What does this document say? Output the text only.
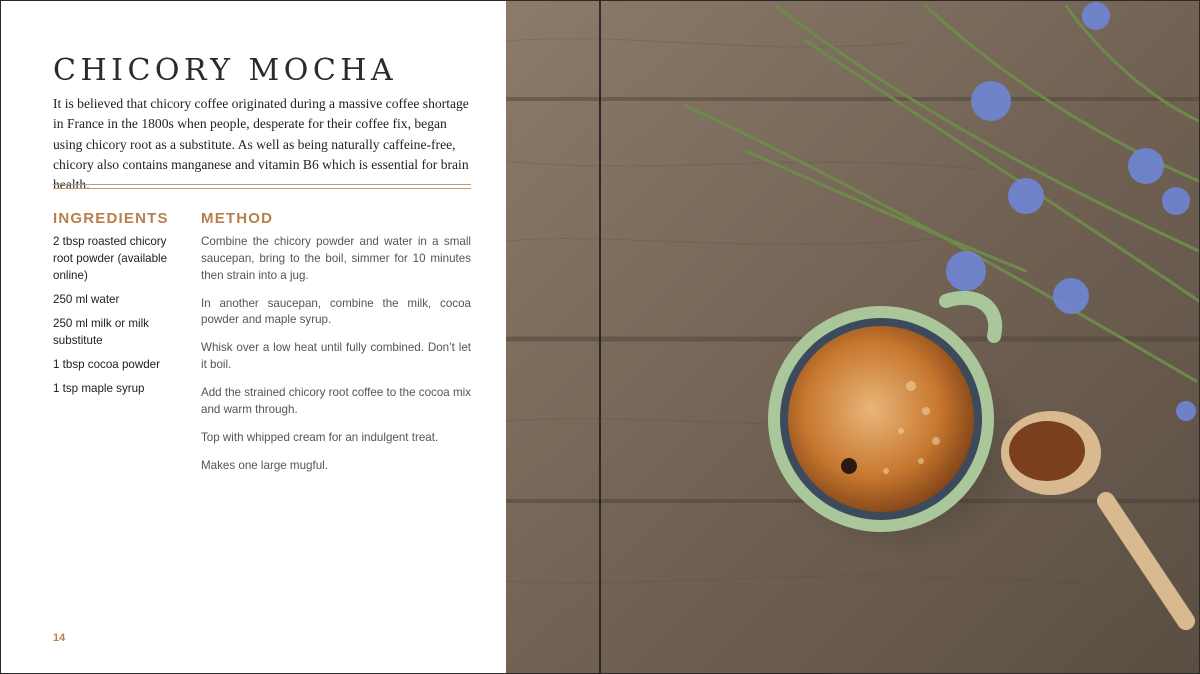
CHICORY MOCHA

It is believed that chicory coffee originated during a massive coffee shortage in France in the 1800s when people, desperate for their coffee fix, began using chicory root as a substitute. As well as being naturally caffeine-free, chicory also contains manganese and vitamin B6 which is essential for brain health.

INGREDIENTS METHOD
2 tbsp roasted chicory root powder (available online)
250 ml water
250 ml milk or milk substitute
1 tbsp cocoa powder
1 tsp maple syrup

Combine the chicory powder and water in a small saucepan, bring to the boil, simmer for 10 minutes then strain into a jug.

In another saucepan, combine the milk, cocoa powder and maple syrup.

Whisk over a low heat until fully combined. Don’t let it boil.

Add the strained chicory root coffee to the cocoa mix and warm through.

Top with whipped cream for an indulgent treat.

Makes one large mugful.

14
